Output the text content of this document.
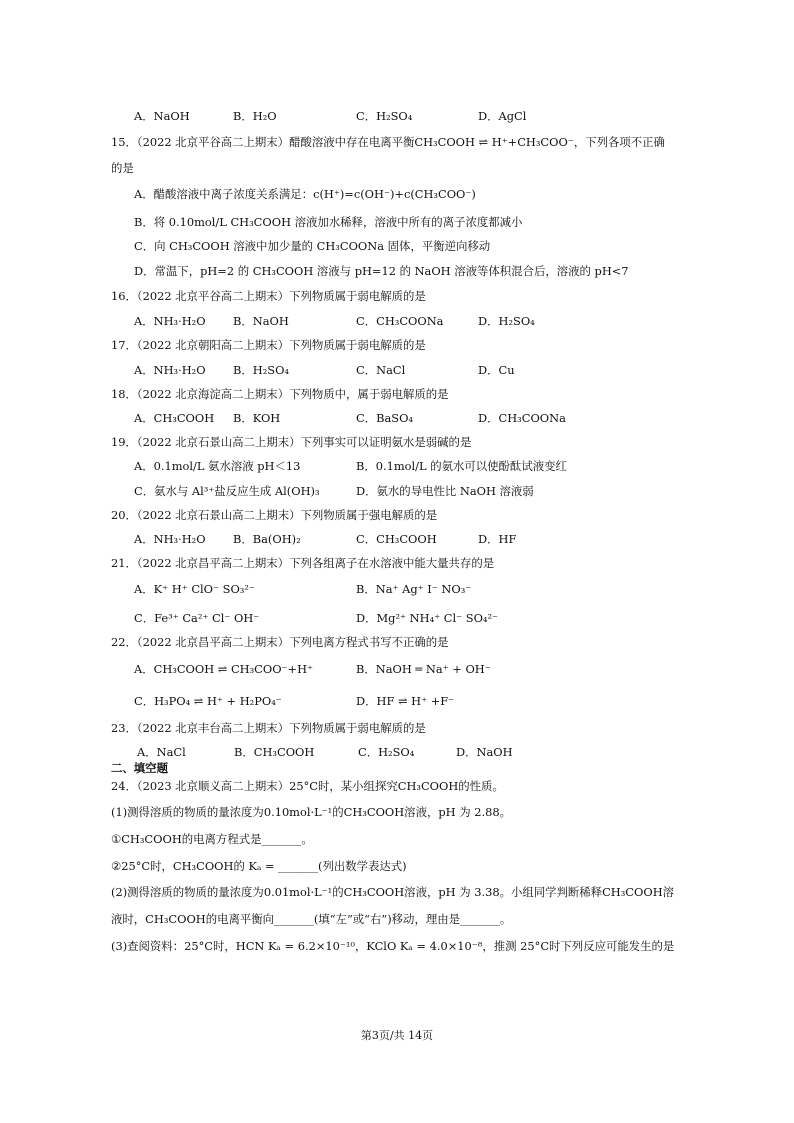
A．NaOH	B．H₂O	C．H₂SO₄	D．AgCl
15．（2022 北京平谷高二上期末）醋酸溶液中存在电离平衡CH₃COOH ⇌ H⁺+CH₃COO⁻，下列各项不正确
的是
A．醋酸溶液中离子浓度关系满足：c(H⁺)=c(OH⁻)+c(CH₃COO⁻)
B．将 0.10mol/L CH₃COOH 溶液加水稀释，溶液中所有的离子浓度都减小
C．向 CH₃COOH 溶液中加少量的 CH₃COONa 固体，平衡逆向移动
D．常温下，pH=2 的 CH₃COOH 溶液与 pH=12 的 NaOH 溶液等体积混合后，溶液的 pH<7
16．（2022 北京平谷高二上期末）下列物质属于弱电解质的是
A．NH₃·H₂O B．NaOH	C．CH₃COONa	D．H₂SO₄
17．（2022 北京朝阳高二上期末）下列物质属于弱电解质的是
A．NH₃·H₂O B．H₂SO₄	C．NaCl	D．Cu
18．（2022 北京海淀高二上期末）下列物质中，属于弱电解质的是
A．CH₃COOH B．KOH	C．BaSO₄	D．CH₃COONa
19．（2022 北京石景山高二上期末）下列事实可以证明氨水是弱碱的是
A．0.1mol/L 氨水溶液 pH＜13	B．0.1mol/L 的氨水可以使酚酞试液变红
C．氨水与 Al³⁺盐反应生成 Al(OH)₃	D．氨水的导电性比 NaOH 溶液弱
20．（2022 北京石景山高二上期末）下列物质属于强电解质的是
A．NH₃·H₂O B．Ba(OH)₂	C．CH₃COOH	D．HF
21．（2022 北京昌平高二上期末）下列各组离子在水溶液中能大量共存的是
A．K⁺ H⁺ ClO⁻ SO₃²⁻	B．Na⁺ Ag⁺ I⁻ NO₃⁻
C．Fe³⁺ Ca²⁺ Cl⁻ OH⁻	D．Mg²⁺ NH₄⁺ Cl⁻ SO₄²⁻
22．（2022 北京昌平高二上期末）下列电离方程式书写不正确的是
A．CH₃COOH ⇌ CH₃COO⁻+H⁺	B．NaOH ═ Na⁺ + OH⁻
C．H₃PO₄ ⇌ H⁺ + H₂PO₄⁻	D．HF ⇌ H⁺ +F⁻
23．（2022 北京丰台高二上期末）下列物质属于弱电解质的是
A．NaCl	B．CH₃COOH	C．H₂SO₄	D．NaOH
二、填空题
24．（2023 北京顺义高二上期末）25°C时，某小组探究CH₃COOH的性质。
(1)测得溶质的物质的量浓度为0.10mol·L⁻¹的CH₃COOH溶液，pH 为 2.88。
①CH₃COOH的电离方程式是_______。
②25°C时，CH₃COOH的 Kₐ = _______(列出数学表达式)
(2)测得溶质的物质的量浓度为0.01mol·L⁻¹的CH₃COOH溶液，pH 为 3.38。小组同学判断稀释CH₃COOH溶
液时，CH₃COOH的电离平衡向_______(填“左”或“右”)移动，理由是_______。
(3)查阅资料：25°C时，HCN Kₐ = 6.2×10⁻¹⁰，KClO Kₐ = 4.0×10⁻⁸，推测 25°C时下列反应可能发生的是
第3页/共 14页
